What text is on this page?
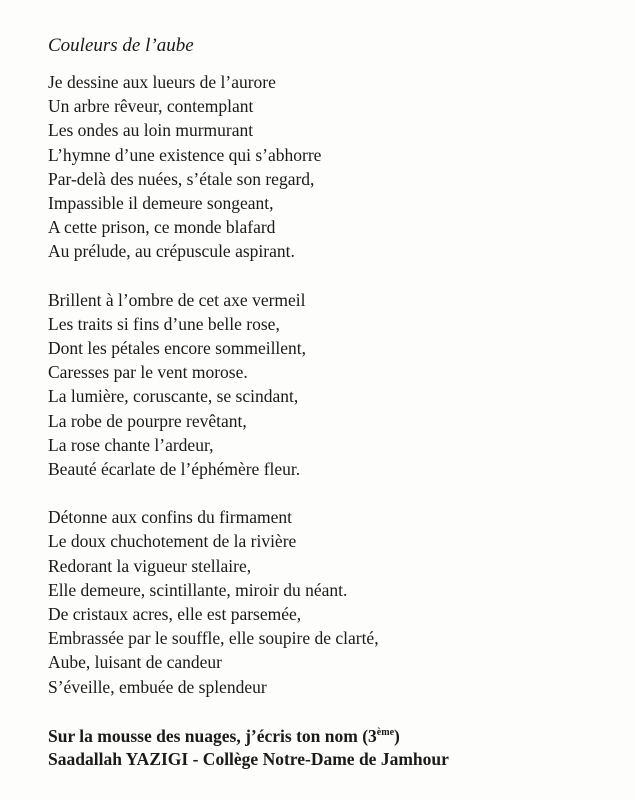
Couleurs de l’aube
Je dessine aux lueurs de l’aurore
Un arbre rêveur, contemplant
Les ondes au loin murmurant
L’hymne d’une existence qui s’abhorre
Par-delà des nuées, s’étale son regard,
Impassible il demeure songeant,
A cette prison, ce monde blafard
Au prélude, au crépuscule aspirant.
Brillent à l’ombre de cet axe vermeil
Les traits si fins d’une belle rose,
Dont les pétales encore sommeillent,
Caresses par le vent morose.
La lumière, coruscante, se scindant,
La robe de pourpre revêtant,
La rose chante l’ardeur,
Beauté écarlate de l’éphémère fleur.
Détonne aux confins du firmament
Le doux chuchotement de la rivière
Redorant la vigueur stellaire,
Elle demeure, scintillante, miroir du néant.
De cristaux acres, elle est parsemée,
Embrassée par le souffle, elle soupire de clarté,
Aube, luisant de candeur
S’éveille, embuée de splendeur
Sur la mousse des nuages, j’écris ton nom (3ème)
Saadallah YAZIGI - Collège Notre-Dame de Jamhour
